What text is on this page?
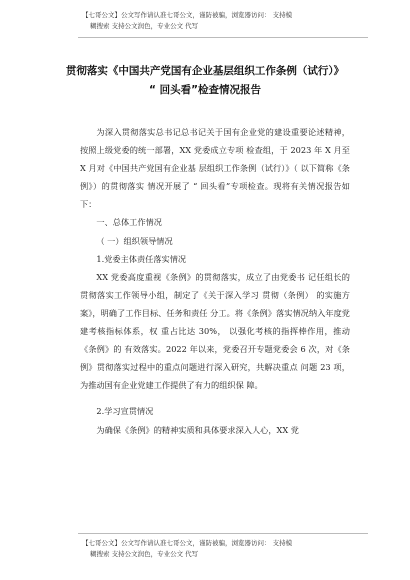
【七哥公文】公文写作请认准七哥公文，谨防被骗，浏览器访问： 支持模
糊搜索 支持公文润色，专业公文 代写
贯彻落实《中国共产党国有企业基层组织工作条例（试行）》
“ 回头看”检查情况报告

为深入贯彻落实总书记总书记关于国有企业党的建设重要论述精神，按照上级党委的统一部署，XX 党委成立专项 检查组，于 2023 年 X 月至 X 月对《中国共产党国有企业基 层组织工作条例（试行）》（ 以下简称《条例》）的贯彻落实 情况开展了 “ 回头看”专项检查。现将有关情况报告如下：

一、总体工作情况

（ 一）组织领导情况

1.党委主体责任落实情况

XX 党委高度重视《条例》的贯彻落实，成立了由党委书 记任组长的贯彻落实工作领导小组，制定了《关于深入学习 贯彻（条例） 的实施方案》，明确了工作目标、任务和责任 分工。将《条例》落实情况纳入年度党建考核指标体系，权 重占比达 30%， 以强化考核的指挥棒作用，推动《条例》的 有效落实。2022 年以来，党委召开专题党委会 6 次，对《条 例》贯彻落实过程中的重点问题进行深入研究，共解决重点 问题 23 项，为推动国有企业党建工作提供了有力的组织保 障。

2.学习宣贯情况

为确保《条例》的精神实质和具体要求深入人心，XX 党

【七哥公文】公文写作请认准七哥公文，谨防被骗，浏览器访问： 支持模
糊搜索 支持公文润色，专业公文 代写
